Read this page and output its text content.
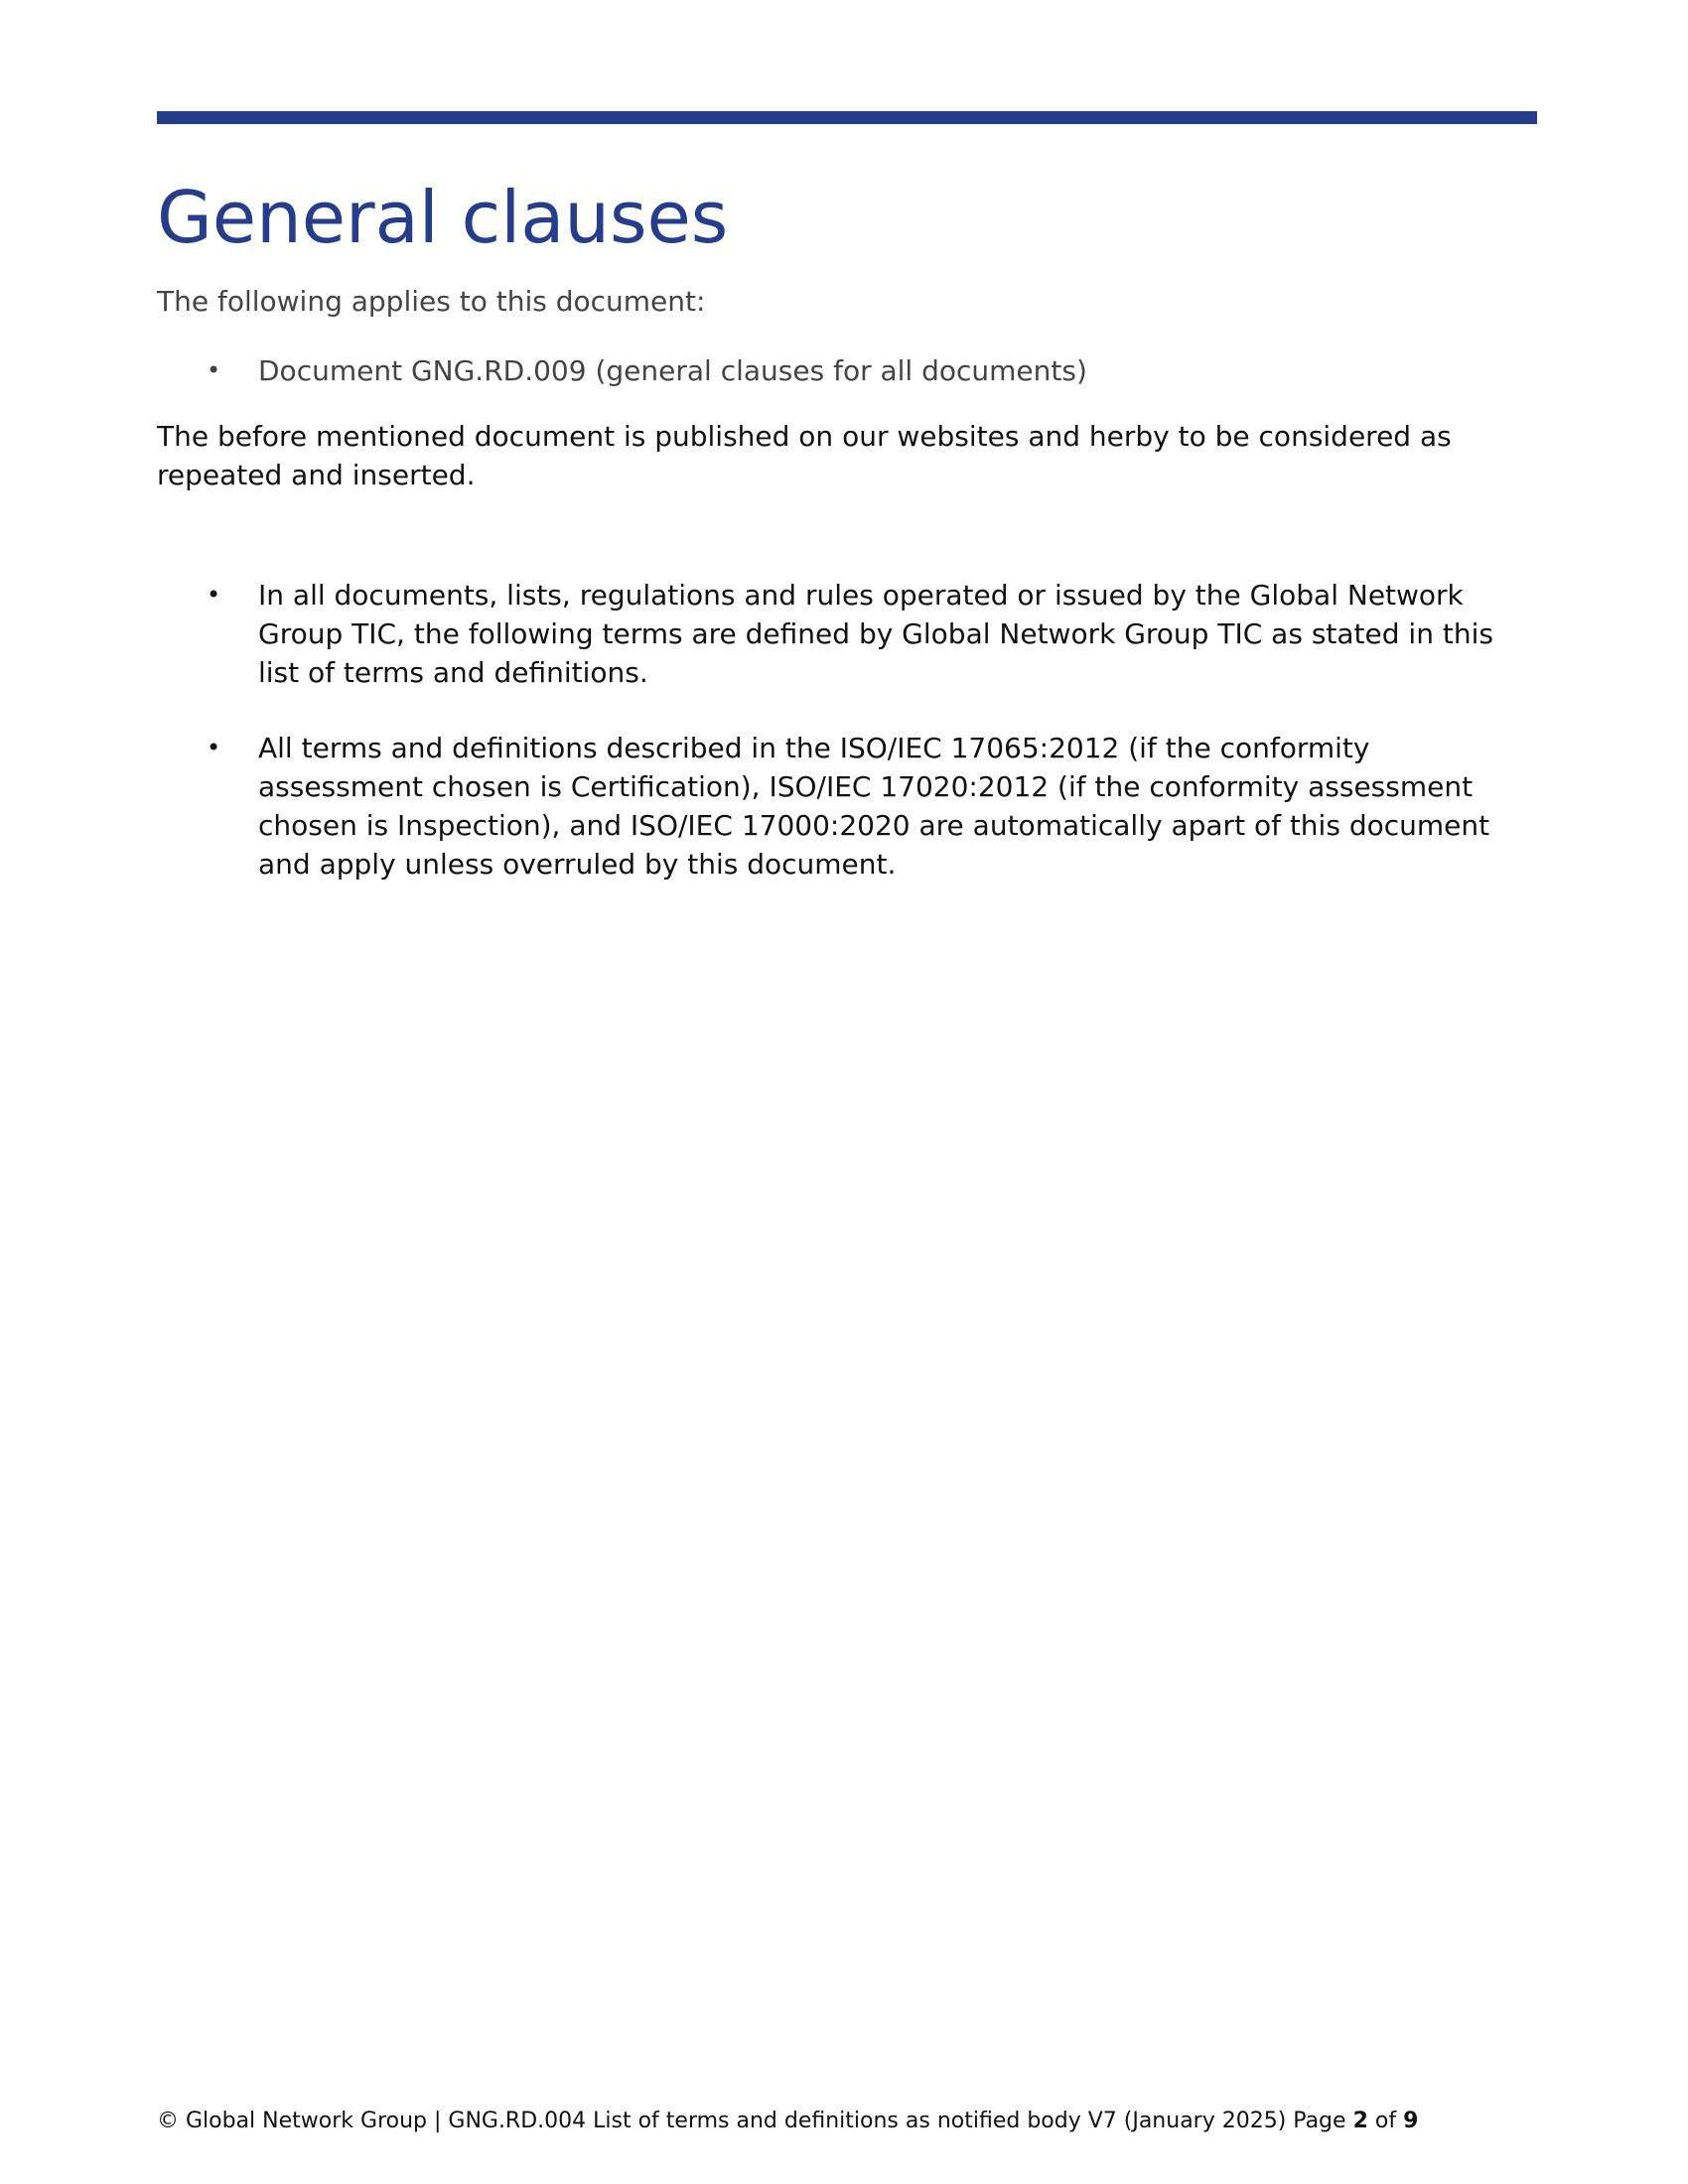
General clauses

The following applies to this document:

• Document GNG.RD.009 (general clauses for all documents)

The before mentioned document is published on our websites and herby to be considered as repeated and inserted.

• In all documents, lists, regulations and rules operated or issued by the Global Network Group TIC, the following terms are defined by Global Network Group TIC as stated in this list of terms and definitions.
• All terms and definitions described in the ISO/IEC 17065:2012 (if the conformity assessment chosen is Certification), ISO/IEC 17020:2012 (if the conformity assessment chosen is Inspection), and ISO/IEC 17000:2020 are automatically apart of this document and apply unless overruled by this document.

© Global Network Group | GNG.RD.004 List of terms and definitions as notified body V7 (January 2025) Page 2 of 9
